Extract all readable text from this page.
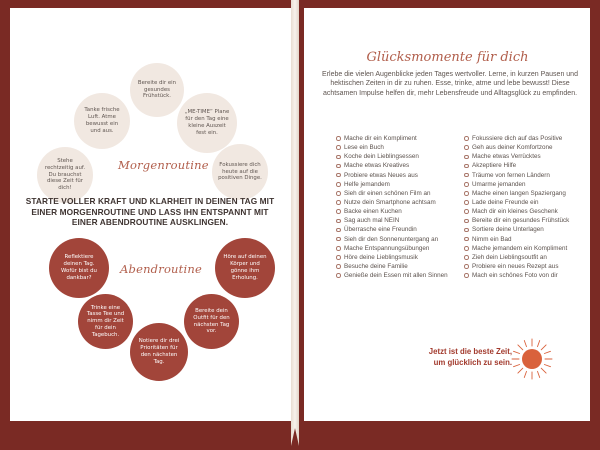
Bereite dir ein gesundes Frühstück.
„ME-TIME“ Plane für den Tag eine kleine Auszeit fest ein.
Fokussiere dich heute auf die positiven Dinge.
Stehe rechtzeitig auf. Du brauchst diese Zeit für dich!
Tanke frische Luft. Atme bewusst ein und aus.
Morgenroutine
STARTE VOLLER KRAFT UND KLARHEIT IN DEINEN TAG MIT EINER MORGENROUTINE UND LASS IHN ENTSPANNT MIT EINER ABENDROUTINE AUSKLINGEN.
Reflektiere deinen Tag. Wofür bist du dankbar?
Höre auf deinen Körper und gönne ihm Erholung.
Trinke eine Tasse Tee und nimm dir Zeit für dein Tagebuch.
Bereite dein Outfit für den nächsten Tag vor.
Notiere dir drei Prioritäten für den nächsten Tag.
Abendroutine
Glücksmomente für dich
Erlebe die vielen Augenblicke jeden Tages wertvoller. Lerne, in kurzen Pausen und hektischen Zeiten in dir zu ruhen. Esse, trinke, atme und lebe bewusst! Diese achtsamen Impulse helfen dir, mehr Lebensfreude und Alltagsglück zu empfinden.
Mache dir ein Kompliment
Lese ein Buch
Koche dein Lieblingsessen
Mache etwas Kreatives
Probiere etwas Neues aus
Helfe jemandem
Sieh dir einen schönen Film an
Nutze dein Smartphone achtsam
Backe einen Kuchen
Sag auch mal NEIN
Überrasche eine Freundin
Sieh dir den Sonnenuntergang an
Mache Entspannungsübungen
Höre deine Lieblingsmusik
Besuche deine Familie
Genieße dein Essen mit allen Sinnen
Fokussiere dich auf das Positive
Geh aus deiner Komfortzone
Mache etwas Verrücktes
Akzeptiere Hilfe
Träume von fernen Ländern
Umarme jemanden
Mache einen langen Spaziergang
Lade deine Freunde ein
Mach dir ein kleines Geschenk
Bereite dir ein gesundes Frühstück
Sortiere deine Unterlagen
Nimm ein Bad
Mache jemandem ein Kompliment
Zieh dein Lieblingsoutfit an
Probiere ein neues Rezept aus
Mach ein schönes Foto von dir
Jetzt ist die beste Zeit,
um glücklich zu sein.
